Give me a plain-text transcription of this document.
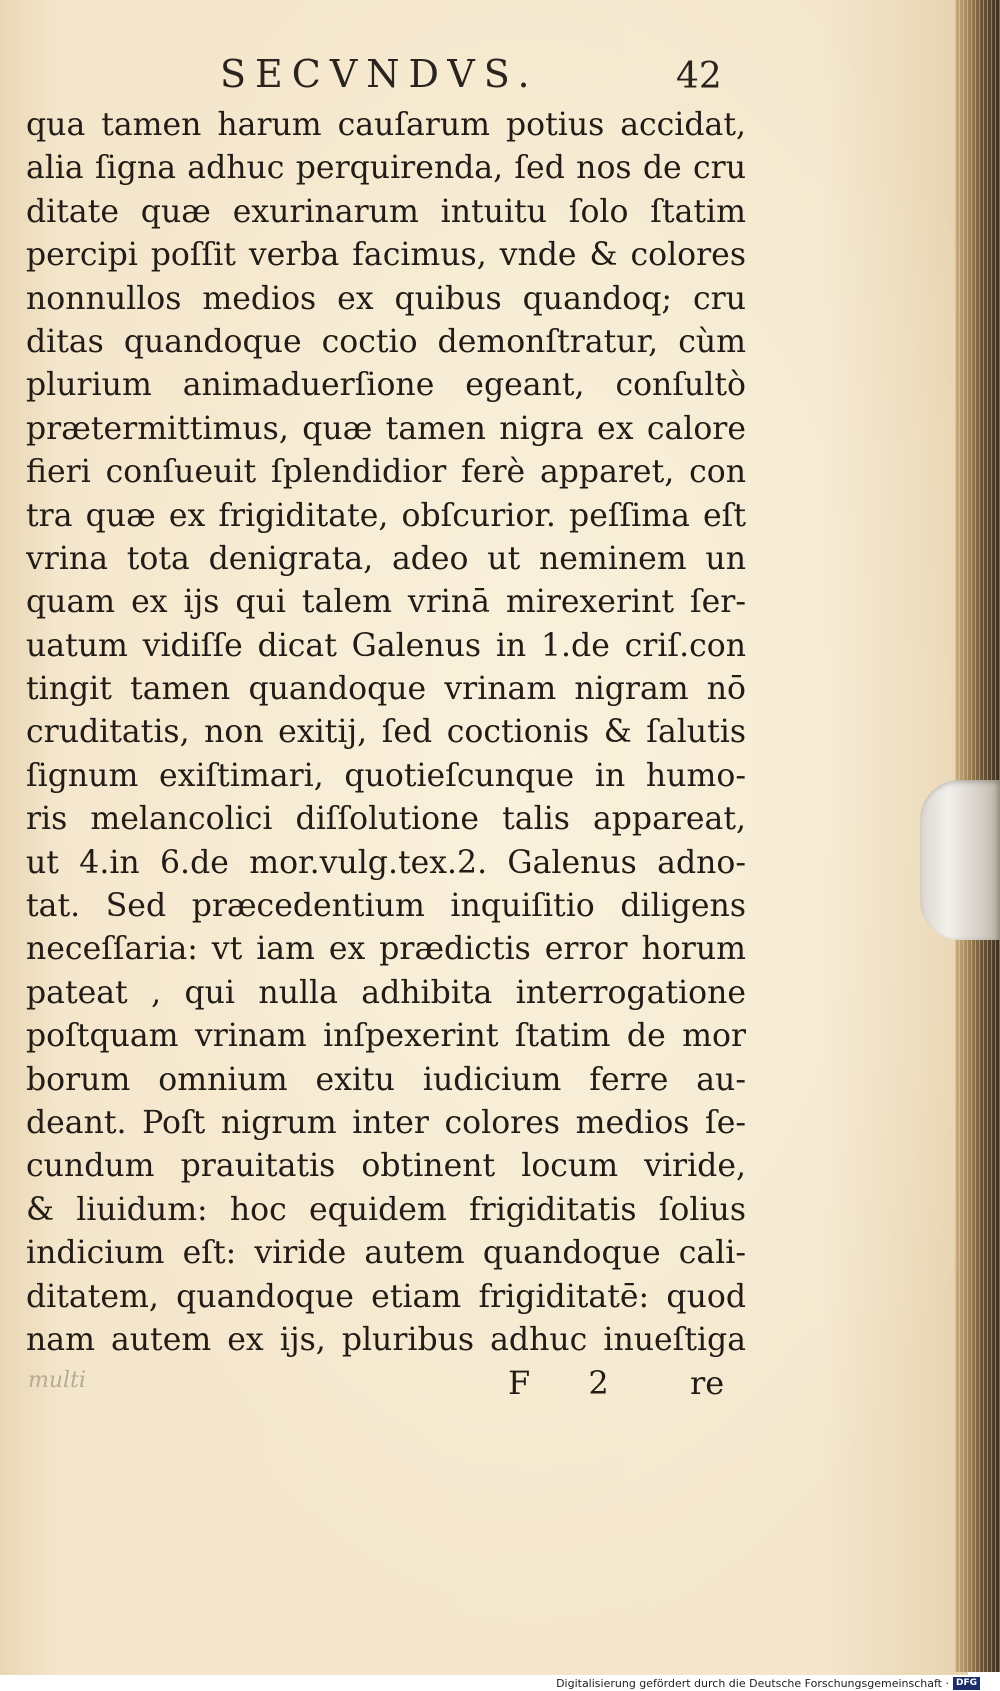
SECVNDVS.	42
qua tamen harum cauſarum potius accidat,
alia ſigna adhuc perquirenda, ſed nos de cru
ditate quæ exurinarum intuitu ſolo ſtatim
percipi poſſit verba facimus, vnde & colores
nonnullos medios ex quibus quandoq; cru
ditas quandoque coctio demonſtratur, cùm
plurium animaduerſione egeant, conſultò
prætermittimus, quæ tamen nigra ex calore
fieri conſueuit ſplendidior ferè apparet, con
tra quæ ex frigiditate, obſcurior. peſſima eſt
vrina tota denigrata, adeo ut neminem un
quam ex ijs qui talem vrinā mirexerint ſer-
uatum vidiſſe dicat Galenus in 1.de criſ.con
tingit tamen quandoque vrinam nigram nō
cruditatis, non exitij, ſed coctionis & ſalutis
ſignum exiſtimari, quotieſcunque in humo-
ris melancolici diſſolutione talis appareat,
ut 4.in 6.de mor.vulg.tex.2. Galenus adno-
tat. Sed præcedentium inquiſitio diligens
neceſſaria: vt iam ex prædictis error horum
pateat , qui nulla adhibita interrogatione
poſtquam vrinam inſpexerint ſtatim de mor
borum omnium exitu iudicium ferre au-
deant. Poſt nigrum inter colores medios ſe-
cundum prauitatis obtinent locum viride,
& liuidum: hoc equidem frigiditatis ſolius
indicium eſt: viride autem quandoque cali-
ditatem, quandoque etiam frigiditatē: quod
nam autem ex ijs, pluribus adhuc inueſtiga
multi	F 2 re
Digitalisierung gefördert durch die Deutsche Forschungsgemeinschaft · DFG
